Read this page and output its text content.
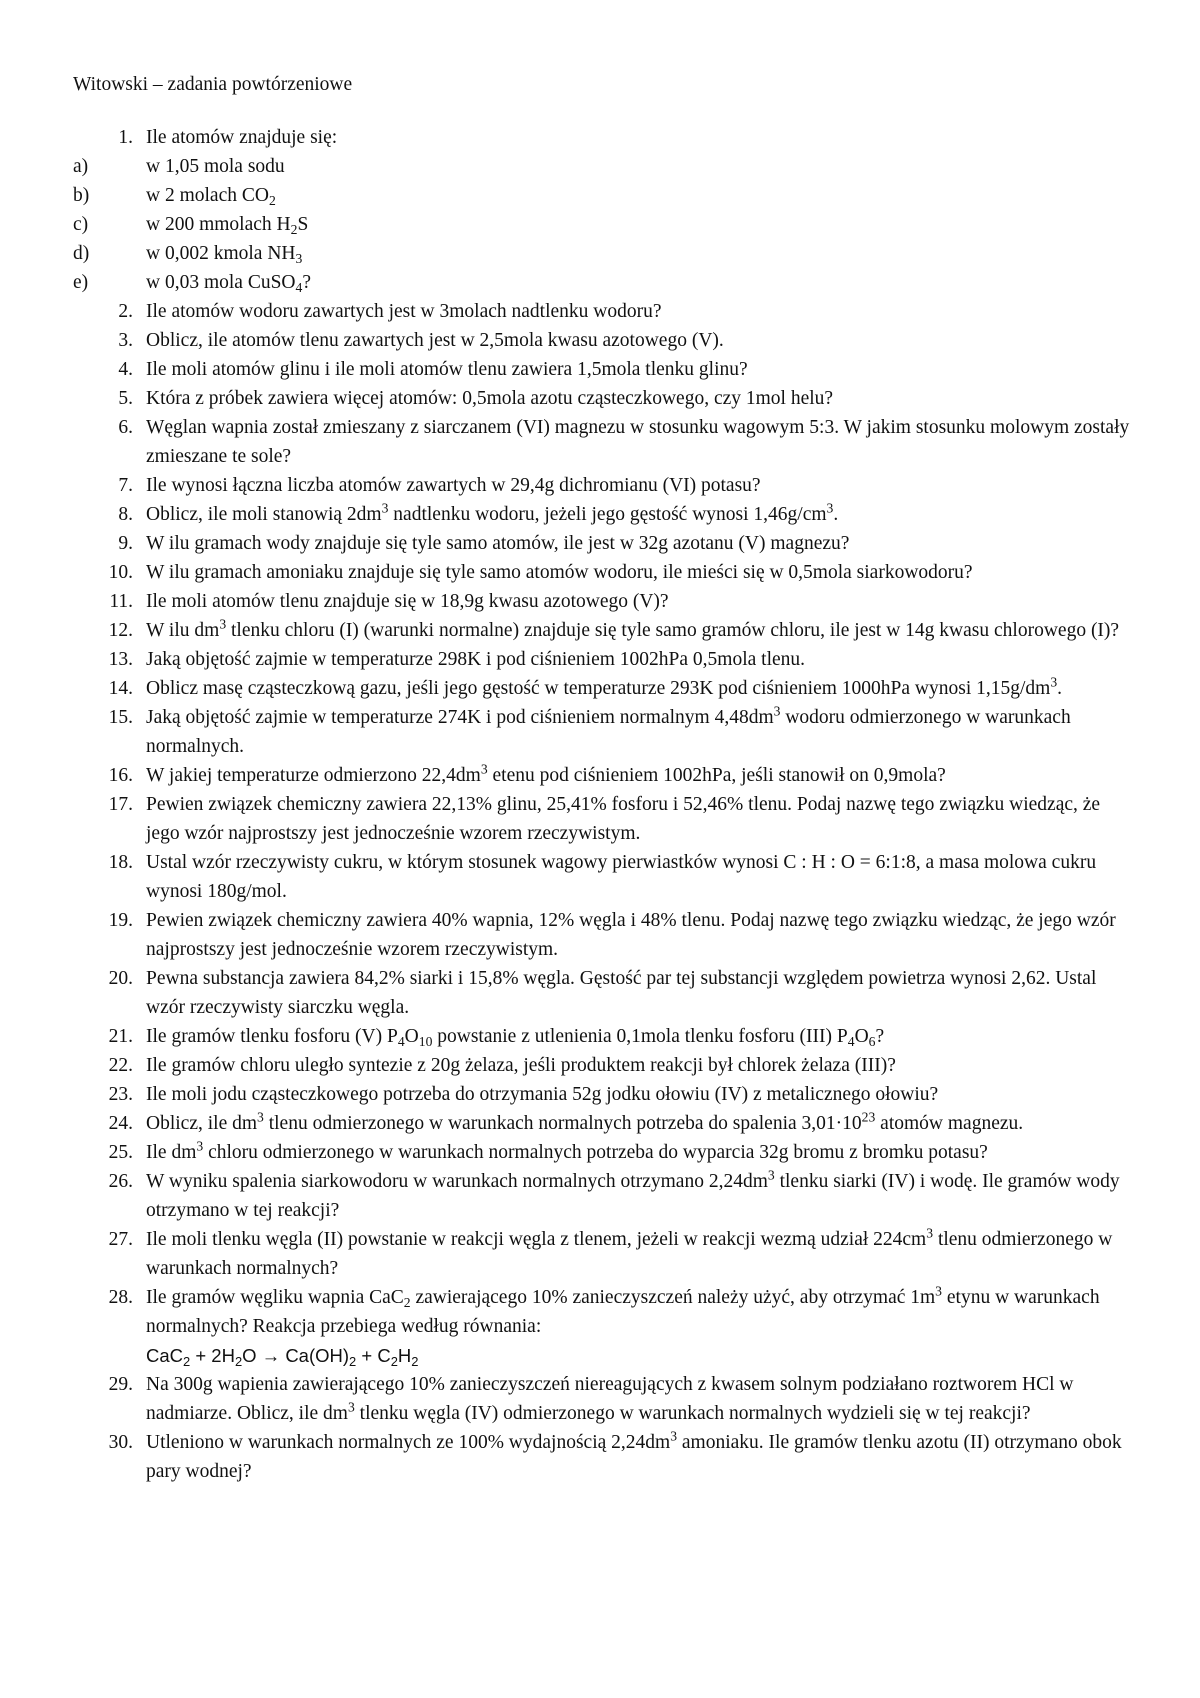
Witowski – zadania powtórzeniowe
1. Ile atomów znajduje się:
a)	w 1,05 mola sodu
b)	w 2 molach $CO_2$
c)	w 200 mmolach $H_2S$
d)	w 0,002 kmola $NH_3$
e)	w 0,03 mola CuSO$_4$?
2. Ile atomów wodoru zawartych jest w 3molach nadtlenku wodoru?
3. Oblicz, ile atomów tlenu zawartych jest w 2,5mola kwasu azotowego (V).
4. Ile moli atomów glinu i ile moli atomów tlenu zawiera 1,5mola tlenku glinu?
5. Która z próbek zawiera więcej atomów: 0,5mola azotu cząsteczkowego, czy 1mol helu?
6. Węglan wapnia został zmieszany z siarczanem (VI) magnezu w stosunku wagowym 5:3. W jakim stosunku molowym zostały zmieszane te sole?
7. Ile wynosi łączna liczba atomów zawartych w 29,4g dichromianu (VI) potasu?
8. Oblicz, ile moli stanowią $2dm^3$ nadtlenku wodoru, jeżeli jego gęstość wynosi $1,46g/cm^3$.
9. W ilu gramach wody znajduje się tyle samo atomów, ile jest w 32g azotanu (V) magnezu?
10. W ilu gramach amoniaku znajduje się tyle samo atomów wodoru, ile mieści się w 0,5mola siarkowodoru?
11. Ile moli atomów tlenu znajduje się w 18,9g kwasu azotowego (V)?
12. W ilu $dm^3$ tlenku chloru (I) (warunki normalne) znajduje się tyle samo gramów chloru, ile jest w 14g kwasu chlorowego (I)?
13. Jaką objętość zajmie w temperaturze 298K i pod ciśnieniem 1002hPa 0,5mola tlenu.
14. Oblicz masę cząsteczkową gazu, jeśli jego gęstość w temperaturze 293K pod ciśnieniem 1000hPa wynosi $1,15g/dm^3$.
15. Jaką objętość zajmie w temperaturze 274K i pod ciśnieniem normalnym $4,48dm^3$ wodoru odmierzonego w warunkach normalnych.
16. W jakiej temperaturze odmierzono $22,4dm^3$ etenu pod ciśnieniem 1002hPa, jeśli stanowił on 0,9mola?
17. Pewien związek chemiczny zawiera 22,13% glinu, 25,41% fosforu i 52,46% tlenu. Podaj nazwę tego związku wiedząc, że jego wzór najprostszy jest jednocześnie wzorem rzeczywistym.
18. Ustal wzór rzeczywisty cukru, w którym stosunek wagowy pierwiastków wynosi C : H : O = 6:1:8, a masa molowa cukru wynosi 180g/mol.
19. Pewien związek chemiczny zawiera 40% wapnia, 12% węgla i 48% tlenu. Podaj nazwę tego związku wiedząc, że jego wzór najprostszy jest jednocześnie wzorem rzeczywistym.
20. Pewna substancja zawiera 84,2% siarki i 15,8% węgla. Gęstość par tej substancji względem powietrza wynosi 2,62. Ustal wzór rzeczywisty siarczku węgla.
21. Ile gramów tlenku fosforu (V) $P_4O_{10}$ powstanie z utlenienia 0,1mola tlenku fosforu (III) $P_4O_6$?
22. Ile gramów chloru uległo syntezie z 20g żelaza, jeśli produktem reakcji był chlorek żelaza (III)?
23. Ile moli jodu cząsteczkowego potrzeba do otrzymania 52g jodku ołowiu (IV) z metalicznego ołowiu?
24. Oblicz, ile $dm^3$ tlenu odmierzonego w warunkach normalnych potrzeba do spalenia $3,01\cdot 10^{23}$ atomów magnezu.
25. Ile $dm^3$ chloru odmierzonego w warunkach normalnych potrzeba do wyparcia 32g bromu z bromku potasu?
26. W wyniku spalenia siarkowodoru w warunkach normalnych otrzymano $2,24dm^3$ tlenku siarki (IV) i wodę. Ile gramów wody otrzymano w tej reakcji?
27. Ile moli tlenku węgla (II) powstanie w reakcji węgla z tlenem, jeżeli w reakcji wezmą udział $224cm^3$ tlenu odmierzonego w warunkach normalnych?
28. Ile gramów węgliku wapnia CaC$_2$ zawierającego 10% zanieczyszczeń należy użyć, aby otrzymać $1m^3$ etynu w warunkach normalnych? Reakcja przebiega według równania:
$CaC_2 + 2H_2O \to Ca(OH)_2 + C_2H_2$
29. Na 300g wapienia zawierającego 10% zanieczyszczeń niereagujących z kwasem solnym podziałano roztworem HCl w nadmiarze. Oblicz, ile $dm^3$ tlenku węgla (IV) odmierzonego w warunkach normalnych wydzieli się w tej reakcji?
30. Utleniono w warunkach normalnych ze 100% wydajnością $2,24dm^3$ amoniaku. Ile gramów tlenku azotu (II) otrzymano obok pary wodnej?
